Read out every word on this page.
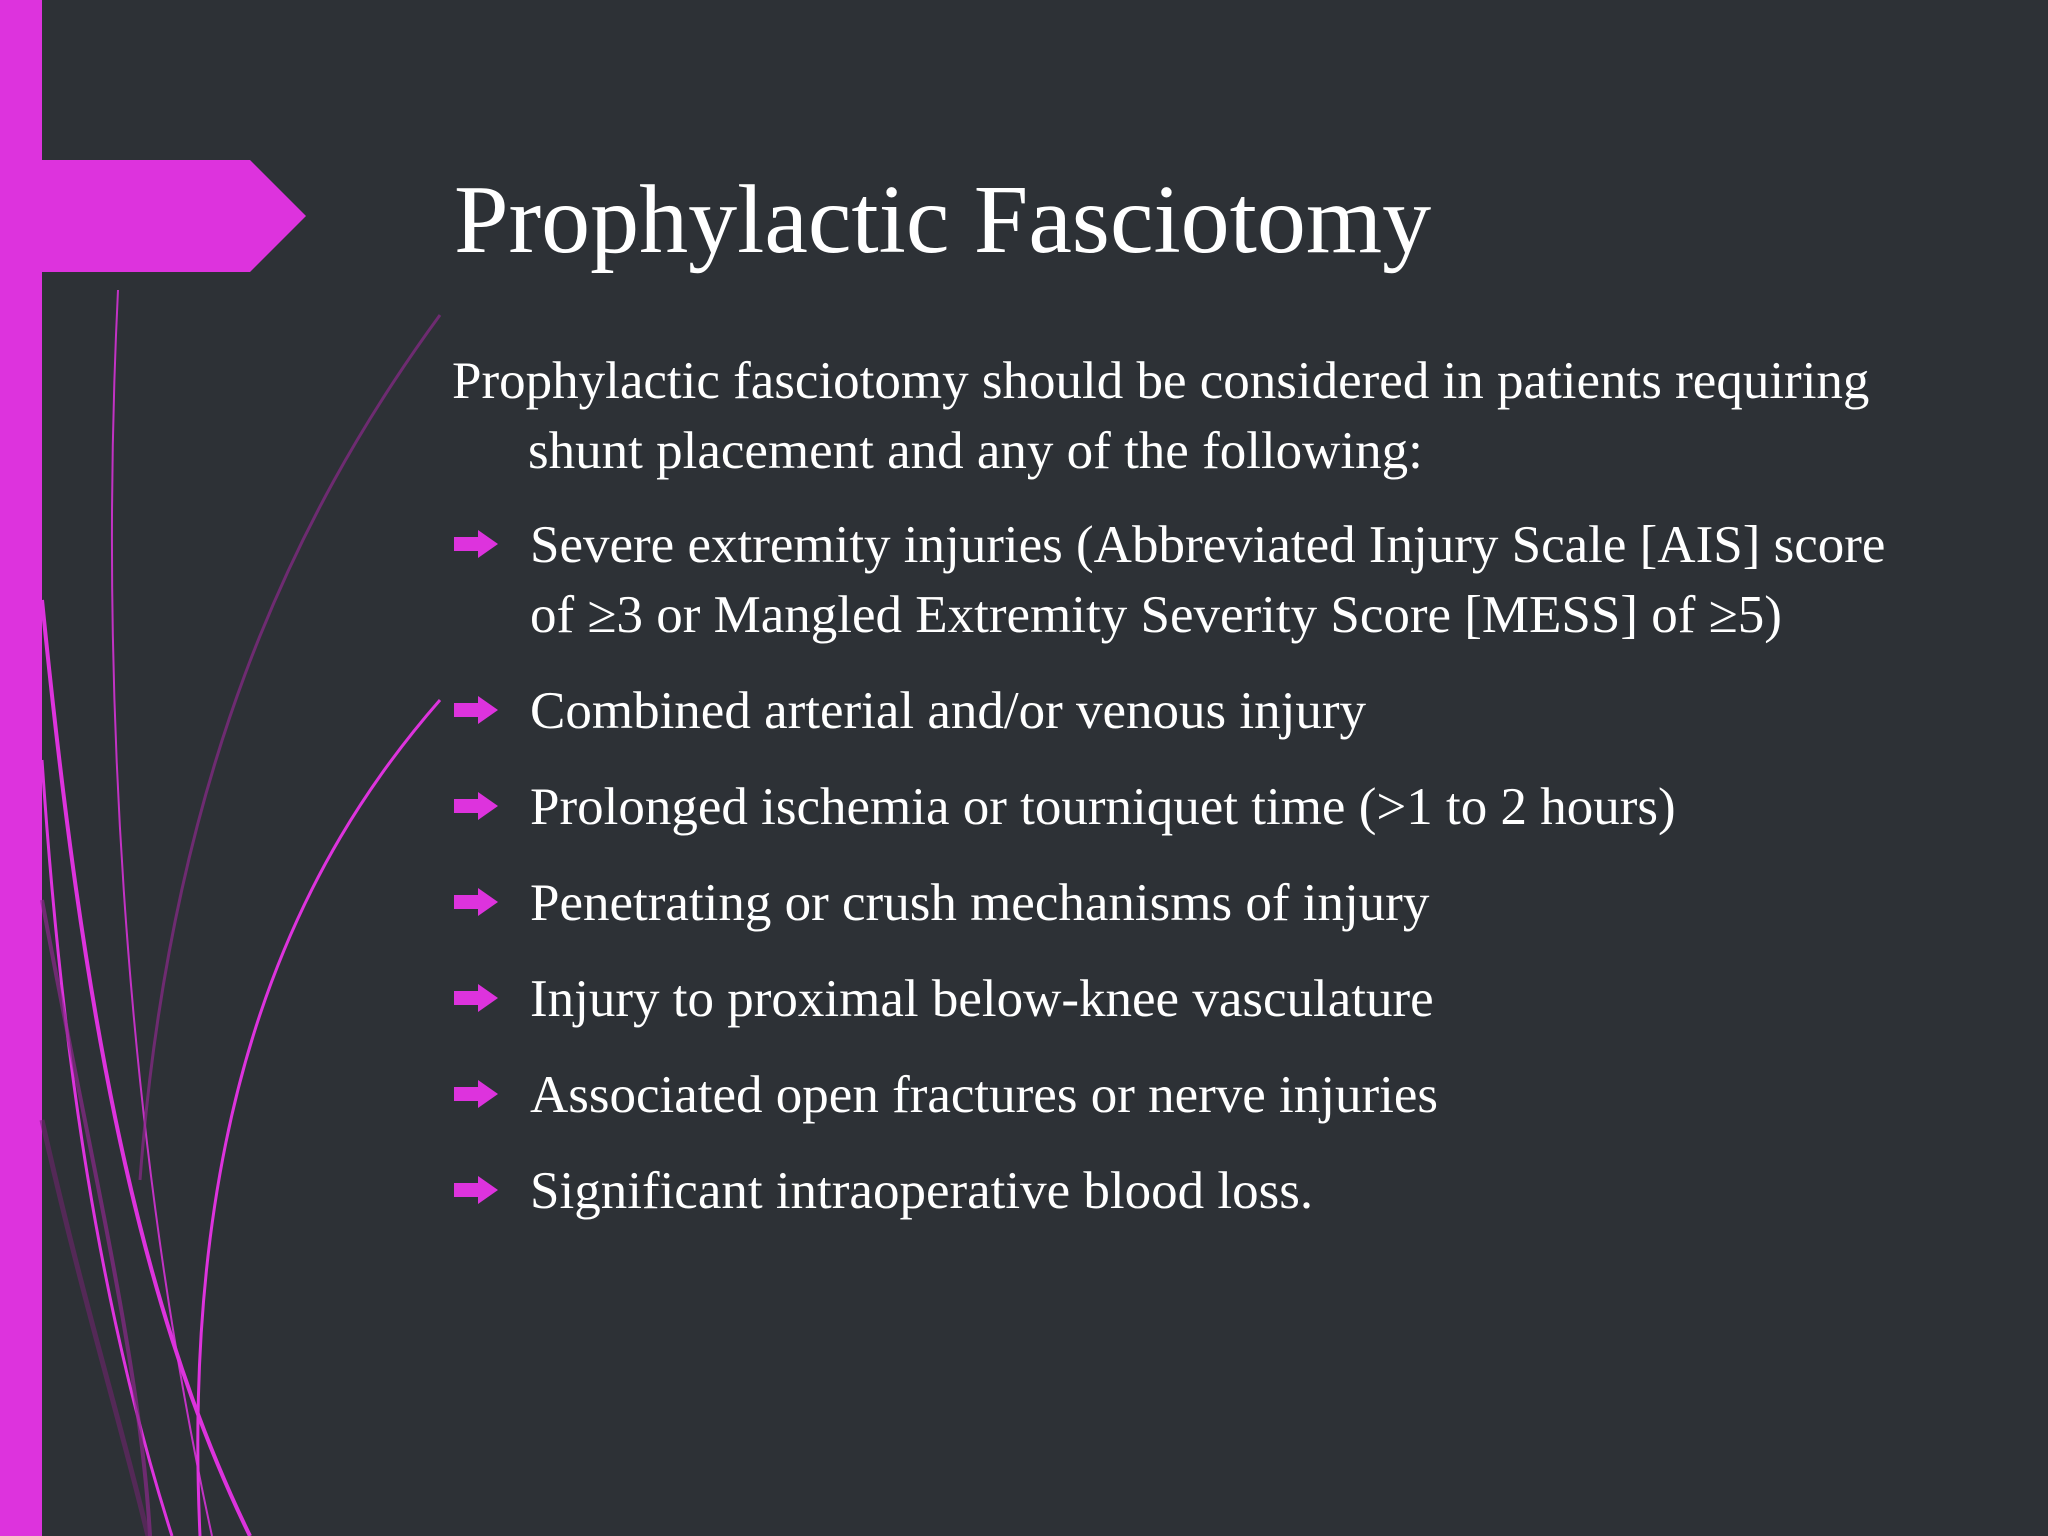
Prophylactic Fasciotomy

Prophylactic fasciotomy should be considered in patients requiring shunt placement and any of the following:

Severe extremity injuries (Abbreviated Injury Scale [AIS] score of ≥3 or Mangled Extremity Severity Score [MESS] of ≥5)
Combined arterial and/or venous injury
Prolonged ischemia or tourniquet time (>1 to 2 hours)
Penetrating or crush mechanisms of injury
Injury to proximal below-knee vasculature
Associated open fractures or nerve injuries
Significant intraoperative blood loss.
